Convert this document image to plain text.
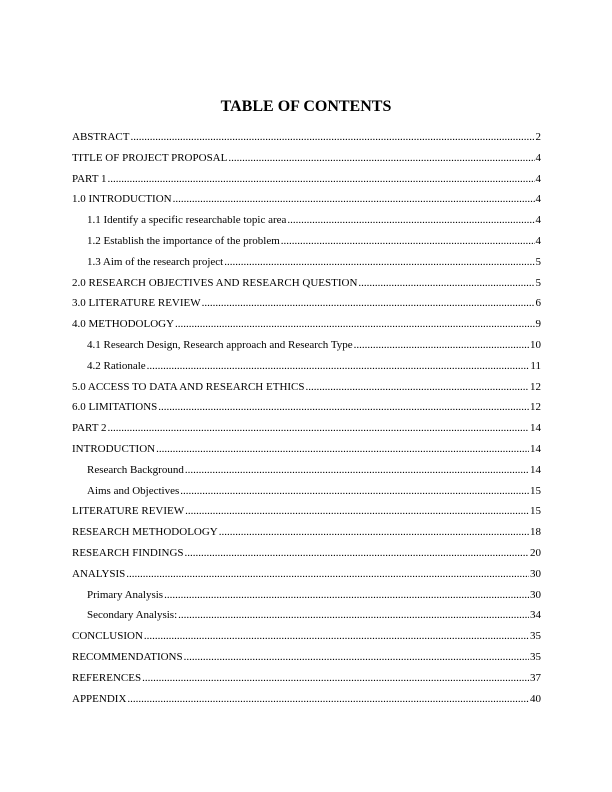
TABLE OF CONTENTS
ABSTRACT .....	2
TITLE OF PROJECT PROPOSAL .....	4
PART 1 .....	4
1.0 INTRODUCTION .....	4
1.1 Identify a specific researchable topic area .....	4
1.2 Establish the importance of the problem .....	4
1.3 Aim of the research project .....	5
2.0 RESEARCH OBJECTIVES AND RESEARCH QUESTION .....	5
3.0 LITERATURE REVIEW .....	6
4.0 METHODOLOGY .....	9
4.1 Research Design, Research approach and Research Type .....	10
4.2 Rationale .....	11
5.0 ACCESS TO DATA AND RESEARCH ETHICS .....	12
6.0 LIMITATIONS .....	12
PART 2 .....	14
INTRODUCTION .....	14
Research Background .....	14
Aims and Objectives .....	15
LITERATURE REVIEW .....	15
RESEARCH METHODOLOGY .....	18
RESEARCH FINDINGS .....	20
ANALYSIS .....	30
Primary Analysis .....	30
Secondary Analysis: .....	34
CONCLUSION .....	35
RECOMMENDATIONS .....	35
REFERENCES .....	37
APPENDIX .....	40
